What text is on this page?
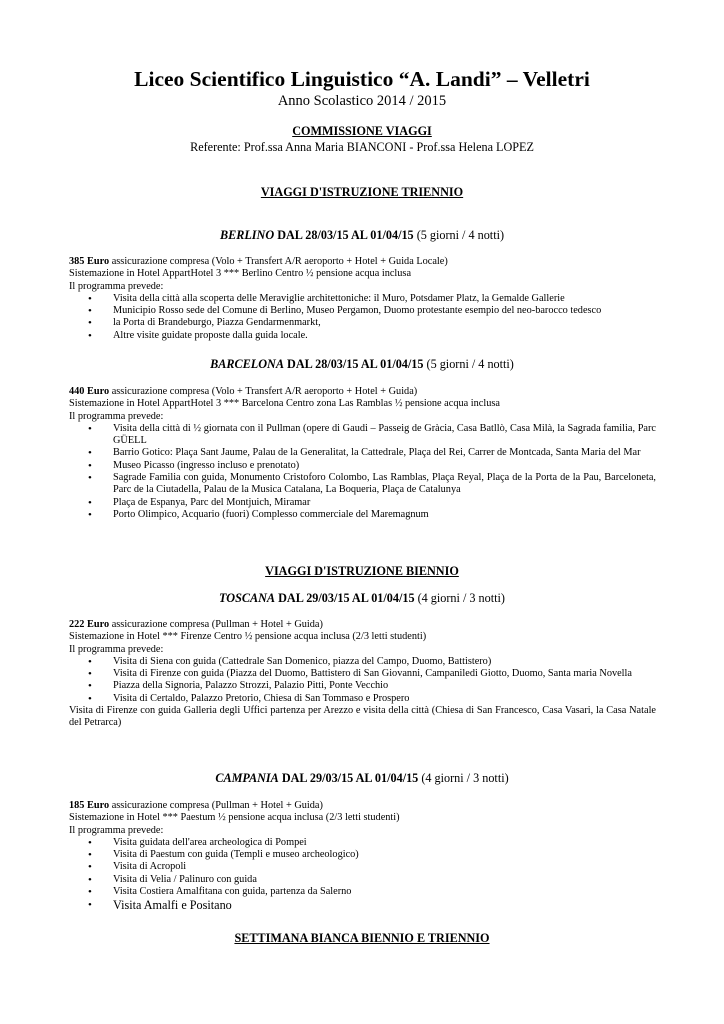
Liceo Scientifico Linguistico “A. Landi” – Velletri
Anno Scolastico 2014 / 2015
COMMISSIONE VIAGGI
Referente: Prof.ssa Anna Maria BIANCONI - Prof.ssa Helena LOPEZ
VIAGGI D'ISTRUZIONE TRIENNIO
BERLINO DAL 28/03/15 AL 01/04/15 (5 giorni / 4 notti)

385 Euro assicurazione compresa (Volo + Transfert A/R aeroporto + Hotel + Guida Locale)

Sistemazione in Hotel AppartHotel 3 *** Berlino Centro ½ pensione acqua inclusa

Il programma prevede:

• Visita della città alla scoperta delle Meraviglie architettoniche: il Muro, Potsdamer Platz, la Gemalde Gallerie
• Municipio Rosso sede del Comune di Berlino, Museo Pergamon, Duomo protestante esempio del neo-barocco tedesco
• la Porta di Brandeburgo, Piazza Gendarmenmarkt,
• Altre visite guidate proposte dalla guida locale.
BARCELONA DAL 28/03/15 AL 01/04/15 (5 giorni / 4 notti)

440 Euro assicurazione compresa (Volo + Transfert A/R aeroporto + Hotel + Guida)

Sistemazione in Hotel AppartHotel 3 *** Barcelona Centro zona Las Ramblas ½ pensione acqua inclusa

Il programma prevede:

• Visita della città di ½ giornata con il Pullman (opere di Gaudi – Passeig de Gràcia, Casa Batllò, Casa Milà, la Sagrada familia, Parc GÜELL
• Barrio Gotico: Plaça Sant Jaume, Palau de la Generalitat, la Cattedrale, Plaça del Rei, Carrer de Montcada, Santa Maria del Mar
• Museo Picasso (ingresso incluso e prenotato)
• Sagrade Familia con guida, Monumento Cristoforo Colombo, Las Ramblas, Plaça Reyal, Plaça de la Porta de la Pau, Barceloneta, Parc de la Ciutadella, Palau de la Musica Catalana, La Boqueria, Plaça de Catalunya
• Plaça de Espanya, Parc del Montjuich, Miramar
• Porto Olimpico, Acquario (fuori) Complesso commerciale del Maremagnum
VIAGGI D'ISTRUZIONE BIENNIO
TOSCANA DAL 29/03/15 AL 01/04/15 (4 giorni / 3 notti)

222 Euro assicurazione compresa (Pullman + Hotel + Guida)

Sistemazione in Hotel *** Firenze Centro ½ pensione acqua inclusa (2/3 letti studenti)

Il programma prevede:

• Visita di Siena con guida (Cattedrale San Domenico, piazza del Campo, Duomo, Battistero)
• Visita di Firenze con guida (Piazza del Duomo, Battistero di San Giovanni, Campaniledi Giotto, Duomo, Santa maria Novella
• Piazza della Signoria, Palazzo Strozzi, Palazio Pitti, Ponte Vecchio
• Visita di Certaldo, Palazzo Pretorio, Chiesa di San Tommaso e Prospero

Visita di Firenze con guida Galleria degli Uffici partenza per Arezzo e visita della città (Chiesa di San Francesco, Casa Vasari, la Casa Natale del Petrarca)

CAMPANIA DAL 29/03/15 AL 01/04/15 (4 giorni / 3 notti)

185 Euro assicurazione compresa (Pullman + Hotel + Guida)

Sistemazione in Hotel *** Paestum ½ pensione acqua inclusa (2/3 letti studenti)

Il programma prevede:

• Visita guidata dell'area archeologica di Pompei
• Visita di Paestum con guida (Templi e museo archeologico)
• Visita di Acropoli
• Visita di Velia / Palinuro con guida
• Visita Costiera Amalfitana con guida, partenza da Salerno
• Visita Amalfi e Positano
SETTIMANA BIANCA BIENNIO E TRIENNIO
